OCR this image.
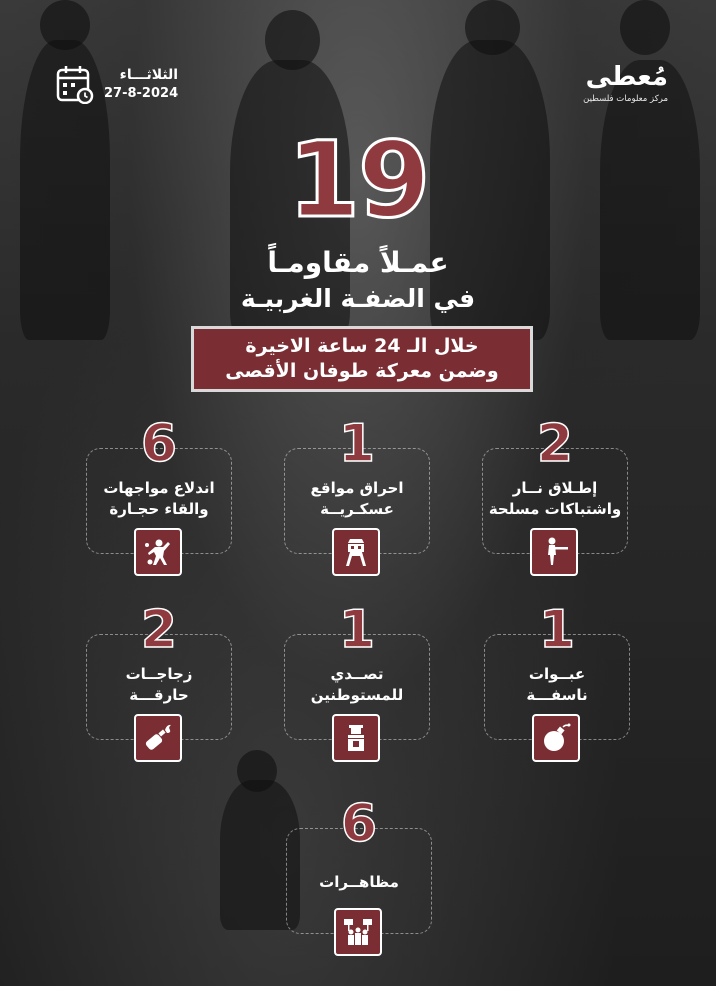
الثلاثـــاء
27-8-2024
مُعطى
مركز معلومات فلسطين
19
عمـلاً مقاومـاً
في الضفـة الغربيـة
خلال الـ 24 ساعة الاخيرة
وضمن معركة طوفان الأقصى
2
إطـلاق نــار
واشتباكات مسلحة
1
احراق مواقع
عسكـريــة
6
اندلاع مواجهات
والقاء حجـارة
1
عبــوات
ناسفـــة
1
تصــدي
للمستوطنين
2
زجاجــات
حارقـــة
6
مظاهــرات
